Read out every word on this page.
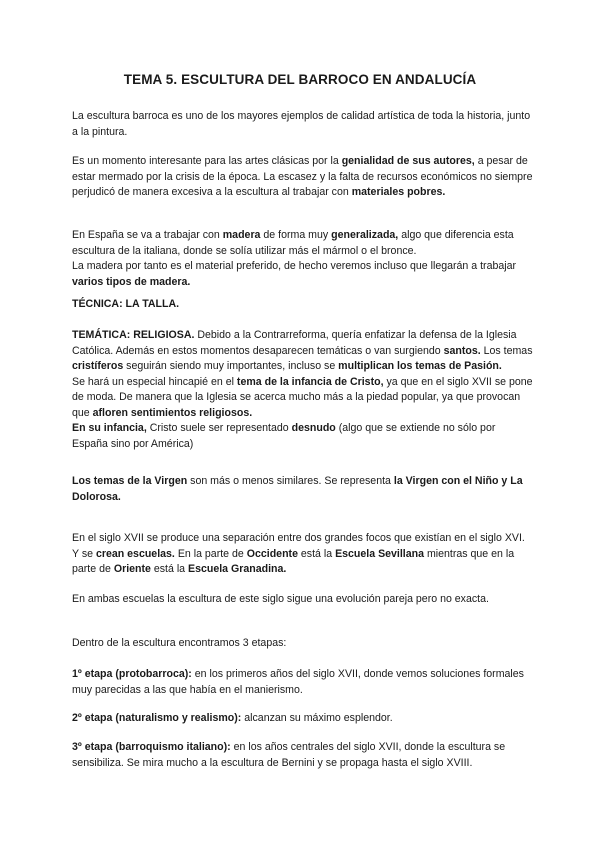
TEMA 5. ESCULTURA DEL BARROCO EN ANDALUCÍA

La escultura barroca es uno de los mayores ejemplos de calidad artística de toda la historia, junto a la pintura.

Es un momento interesante para las artes clásicas por la genialidad de sus autores, a pesar de estar mermado por la crisis de la época. La escasez y la falta de recursos económicos no siempre perjudicó de manera excesiva a la escultura al trabajar con materiales pobres.

En España se va a trabajar con madera de forma muy generalizada, algo que diferencia esta escultura de la italiana, donde se solía utilizar más el mármol o el bronce.
La madera por tanto es el material preferido, de hecho veremos incluso que llegarán a trabajar varios tipos de madera.

TÉCNICA: LA TALLA.

TEMÁTICA: RELIGIOSA. Debido a la Contrarreforma, quería enfatizar la defensa de la Iglesia Católica. Además en estos momentos desaparecen temáticas o van surgiendo santos. Los temas cristíferos seguirán siendo muy importantes, incluso se multiplican los temas de Pasión.
Se hará un especial hincapié en el tema de la infancia de Cristo, ya que en el siglo XVII se pone de moda. De manera que la Iglesia se acerca mucho más a la piedad popular, ya que provocan que afloren sentimientos religiosos.
En su infancia, Cristo suele ser representado desnudo (algo que se extiende no sólo por España sino por América)

Los temas de la Virgen son más o menos similares. Se representa la Virgen con el Niño y La Dolorosa.

En el siglo XVII se produce una separación entre dos grandes focos que existían en el siglo XVI. Y se crean escuelas. En la parte de Occidente está la Escuela Sevillana mientras que en la parte de Oriente está la Escuela Granadina.

En ambas escuelas la escultura de este siglo sigue una evolución pareja pero no exacta.

Dentro de la escultura encontramos 3 etapas:

1º etapa (protobarroca): en los primeros años del siglo XVII, donde vemos soluciones formales muy parecidas a las que había en el manierismo.

2º etapa (naturalismo y realismo): alcanzan su máximo esplendor.

3º etapa (barroquismo italiano): en los años centrales del siglo XVII, donde la escultura se sensibiliza. Se mira mucho a la escultura de Bernini y se propaga hasta el siglo XVIII.
